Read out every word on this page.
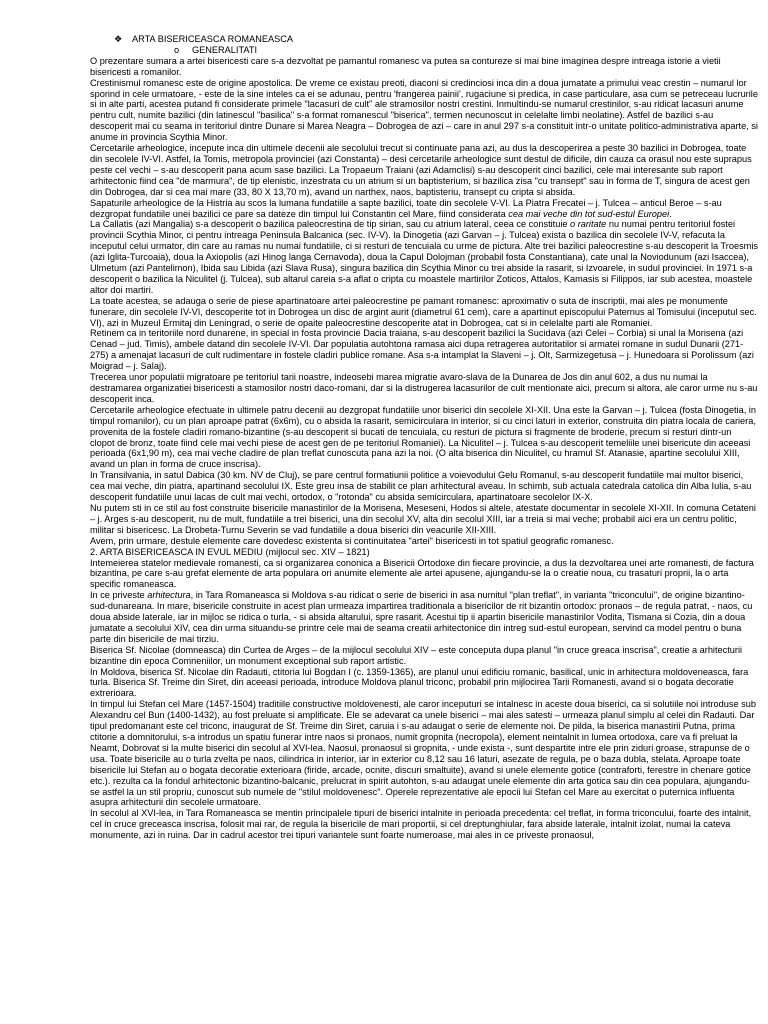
❖ ARTA BISERICEASCA ROMANEASCA
o GENERALITATI

O prezentare sumara a artei bisericesti care s-a dezvoltat pe pamantul romanesc va putea sa contureze si mai bine imaginea despre intreaga istorie a vietii bisericesti a romanilor.

Crestinismul romanesc este de origine apostolica. De vreme ce existau preoti, diaconi si credinciosi inca din a doua jumatate a primului veac crestin – numarul lor sporind in cele urmatoare, - este de la sine inteles ca ei se adunau, pentru 'frangerea painii', rugaciune si predica, in case particulare, asa cum se petreceau lucrurile si in alte parti, acestea putand fi considerate primele "lacasuri de cult" ale stramosilor nostri crestini. Inmultindu-se numarul crestinilor, s-au ridicat lacasuri anume pentru cult, numite bazilici (din latinescul "basilica" s-a format romanescul "biserica", termen necunoscut in celelalte limbi neolatine). Astfel de bazilici s-au descoperit mai cu seama in teritoriul dintre Dunare si Marea Neagra – Dobrogea de azi – care in anul 297 s-a constituit intr-o unitate politico-administrativa aparte, si anume in provincia Scythia Minor.

Cercetarile arheologice, incepute inca din ultimele decenii ale secolului trecut si continuate pana azi, au dus la descoperirea a peste 30 bazilici in Dobrogea, toate din secolele IV-VI. Astfel, la Tomis, metropola provinciei (azi Constanta) – desi cercetarile arheologice sunt destul de dificile, din cauza ca orasul nou este suprapus peste cel vechi – s-au descoperit pana acum sase bazilici. La Tropaeum Traiani (azi Adamclisi) s-au descoperit cinci bazilici, cele mai interesante sub raport arhitectonic fiind cea "de marmura", de tip elenistic, inzestrata cu un atrium si un baptisterium, si bazilica zisa "cu transept" sau in forma de T, singura de acest gen din Dobrogea, dar si cea mai mare (33, 80 X 13,70 m), avand un narthex, naos, baptisteriu, transept cu cripta si absida.

Sapaturile arheologice de la Histria au scos la lumana fundatiile a sapte bazilici, toate din secolele V-VI. La Piatra Frecatei – j. Tulcea – anticul Beroe – s-au dezgropat fundatiile unei bazilici ce pare sa dateze din timpul lui Constantin cel Mare, fiind considerata cea mai veche din tot sud-estul Europei.

La Callatis (azi Mangalia) s-a descoperit o bazilica paleocrestina de tip sirian, sau cu atrium lateral, ceea ce constituie o raritate nu numai pentru teritoriul fostei provincii Scythia Minor, ci pentru intreaga Peninsula Balcanica (sec. IV-V). la Dinogetia (azi Garvan – j. Tulcea) exista o bazilica din secolele IV-V, refacuta la inceputul celui urmator, din care au ramas nu numai fundatiile, ci si resturi de tencuiala cu urme de pictura. Alte trei bazilici paleocrestine s-au descoperit la Troesmis (azi Iglita-Turcoaia), doua la Axiopolis (azi Hinog langa Cernavoda), doua la Capul Dolojman (probabil fosta Constantiana), cate unal la Noviodunum (azi Isaccea), Ulmetum (azi Pantelimon), Ibida sau Libida (azi Slava Rusa), singura bazilica din Scythia Minor cu trei abside la rasarit, si Izvoarele, in sudul provinciei. In 1971 s-a descoperit o bazilica la Niculitel (j. Tulcea), sub altarul careia s-a aflat o cripta cu moastele martirilor Zoticos, Attalos, Kamasis si Filippos, iar sub acestea, moastele altor doi martiri.

La toate acestea, se adauga o serie de piese apartinatoare artei paleocrestine pe pamant romanesc: aproximativ o suta de inscriptii, mai ales pe monumente funerare, din secolele IV-VI, descoperite tot in Dobrogea un disc de argint aurit (diametrul 61 cem), care a apartinut episcopului Paternus al Tomisului (inceputul sec. VI), azi in Muzeul Ermitaj din Leningrad, o serie de opaite paleocrestine descoperite atat in Dobrogea, cat si in celelalte parti ale Romaniei.

Retinem ca in teritoriile nord dunarene, in special in fosta provincie Dacia traiana, s-au descoperit bazilici la Sucidava (azi Celei – Corbia) si unal la Morisena (azi Cenad – jud. Timis), ambele datand din secolele IV-VI. Dar populatia autohtona ramasa aici dupa retragerea autoritatilor si armatei romane in sudul Dunarii (271-275) a amenajat lacasuri de cult rudimentare in fostele cladiri publice romane. Asa s-a intamplat la Slaveni – j. Olt, Sarmizegetusa – j. Hunedoara si Porolissum (azi Moigrad – j. Salaj).

Trecerea unor populatii migratoare pe teritoriul tarii noastre, indeosebi marea migratie avaro-slava de la Dunarea de Jos din anul 602, a dus nu numai la destramarea organizatiei bisericesti a stamosilor nostri daco-romani, dar si la distrugerea lacasurilor de cult mentionate aici, precum si altora, ale caror urme nu s-au descoperit inca.

Cercetarile arheologice efectuate in ultimele patru decenii au dezgropat fundatiile unor biserici din secolele XI-XII. Una este la Garvan – j. Tulcea (fosta Dinogetia, in timpul romanilor), cu un plan aproape patrat (6x6m), cu o absida la rasarit, semicirculara in interior, si cu cinci laturi in exterior, construita din piatra locala de cariera, provenita de la fostele cladiri romano-bizantine (s-au descoperit si bucati de tencuiala, cu resturi de pictura si fragmente de broderie, precum si resturi dintr-un clopot de bronz, toate fiind cele mai vechi piese de acest gen de pe teritoriul Romaniei). La Niculitel – j. Tulcea s-au descoperit temeliile unei bisericute din aceeasi perioada (6x1,90 m), cea mai veche cladire de plan treflat cunoscuta pana azi la noi. (O alta biserica din Niculitel, cu hramul Sf. Atanasie, apartine secolului XIII, avand un plan in forma de cruce inscrisa).

In Transilvania, in satul Dabica (30 km. NV de Cluj), se pare centrul formatiunii politice a voievodului Gelu Romanul, s-au descoperit fundatiile mai multor biserici, cea mai veche, din piatra, apartinand secolului IX. Este greu insa de stabilit ce plan arhitectural aveau. In schimb, sub actuala catedrala catolica din Alba Iulia, s-au descoperit fundatiile unui lacas de cult mai vechi, ortodox, o "rotonda" cu absida semicirculara, apartinatoare secolelor IX-X.

Nu putem sti in ce stil au fost construite bisericile manastirilor de la Morisena, Meseseni, Hodos si altele, atestate documentar in secolele XI-XII. In comuna Cetateni – j. Arges s-au descoperit, nu de mult, fundatiile a trei biserici, una din secolul XV, alta din secolul XIII, iar a treia si mai veche; probabil aici era un centru politic, militar si bisericesc. La Drobeta-Turnu Severin se vad fundatiile a doua biserici din veacurile XII-XIII.

Avem, prin urmare, destule elemente care dovedesc existenta si continuitatea "artei" bisericesti in tot spatiul geografic romanesc.

2. ARTA BISERICEASCA IN EVUL MEDIU (mijlocul sec. XIV – 1821)

Intemeierea statelor medievale romanesti, ca si organizarea cononica a Bisericii Ortodoxe din fiecare provincie, a dus la dezvoltarea unei arte romanesti, de factura bizantina, pe care s-au grefat elemente de arta populara ori anumite elemente ale artei apusene, ajungandu-se la o creatie noua, cu trasaturi proprii, la o arta specific romaneasca.

In ce priveste arhitectura, in Tara Romaneasca si Moldova s-au ridicat o serie de biserici in asa numitul "plan treflat", in varianta "triconcului", de origine bizantino-sud-dunareana. In mare, bisericile construite in acest plan urmeaza impartirea traditionala a bisericilor de rit bizantin ortodox: pronaos – de regula patrat, - naos, cu doua abside laterale, iar in mijloc se ridica o turla, - si absida altarului, spre rasarit. Acestui tip ii apartin bisericile manastirilor Vodita, Tismana si Cozia, din a doua jumatate a secolului XIV, cea din urma situandu-se printre cele mai de seama creatii arhitectonice din intreg sud-estul european, servind ca model pentru o buna parte din bisericile de mai tirziu.

Biserica Sf. Nicolae (domneasca) din Curtea de Arges – de la mijlocul secolului XIV – este conceputa dupa planul "in cruce greaca inscrisa", creatie a arhitecturii bizantine din epoca Comneniilor, un monument exceptional sub raport artistic.

In Moldova, biserica Sf. Nicolae din Radauti, ctitoria lui Bogdan I (c. 1359-1365), are planul unui edificiu romanic, basilical, unic in arhitectura moldoveneasca, fara turla. Biserica Sf. Treime din Siret, din aceeasi perioada, introduce Moldova planul triconc, probabil prin mijlocirea Tarii Romanesti, avand si o bogata decoratie extrerioara.

In timpul lui Stefan cel Mare (1457-1504) traditiile constructive moldovenesti, ale caror inceputuri se intalnesc in aceste doua biserici, ca si solutiile noi introduse sub Alexandru cel Bun (1400-1432), au fost preluate si amplificate. Ele se adevarat ca unele biserici – mai ales satesti – urmeaza planul simplu al celei din Radauti. Dar tipul predomanant este cel triconc, inaugurat de Sf. Treime din Siret, caruia i s-au adaugat o serie de elemente noi. De pilda, la biserica manastirii Putna, prima ctitorie a domnitorului, s-a introdus un spatiu funerar intre naos si pronaos, numit gropnita (necropola), element neintalnit in lumea ortodoxa, care va fi preluat la Neamt, Dobrovat si la multe biserici din secolul al XVI-lea. Naosul, pronaosul si gropnita, - unde exista -, sunt despartite intre ele prin ziduri groase, strapunse de o usa. Toate bisericile au o turla zvelta pe naos, cilindrica in interior, iar in exterior cu 8,12 sau 16 laturi, asezate de regula, pe o baza dubla, stelata. Aproape toate bisericile lui Stefan au o bogata decoratie exterioara (firide, arcade, ocnite, discuri smaltuite), avand si unele elemente gotice (contraforti, ferestre in chenare gotice etc.). rezulta ca la fondul arhitectonic bizantino-balcanic, prelucrat in spirit autohton, s-au adaugat unele elemente din arta gotica sau din cea populara, ajungandu-se astfel la un stil propriu, cunoscut sub numele de "stilul moldovenesc". Operele reprezentative ale epocii lui Stefan cel Mare au exercitat o puternica influenta asupra arhitecturii din secolele urmatoare.

In secolul al XVI-lea, in Tara Romaneasca se mentin principalele tipuri de biserici intalnite in perioada precedenta: cel treflat, in forma triconcului, foarte des intalnit, cel in cruce greceasca inscrisa, folosit mai rar, de regula la bisericile de mari proportii, si cel dreptunghiular, fara abside laterale, intalnit izolat, numai la cateva monumente, azi in ruina. Dar in cadrul acestor trei tipuri variantele sunt foarte numeroase, mai ales in ce priveste pronaosul,
